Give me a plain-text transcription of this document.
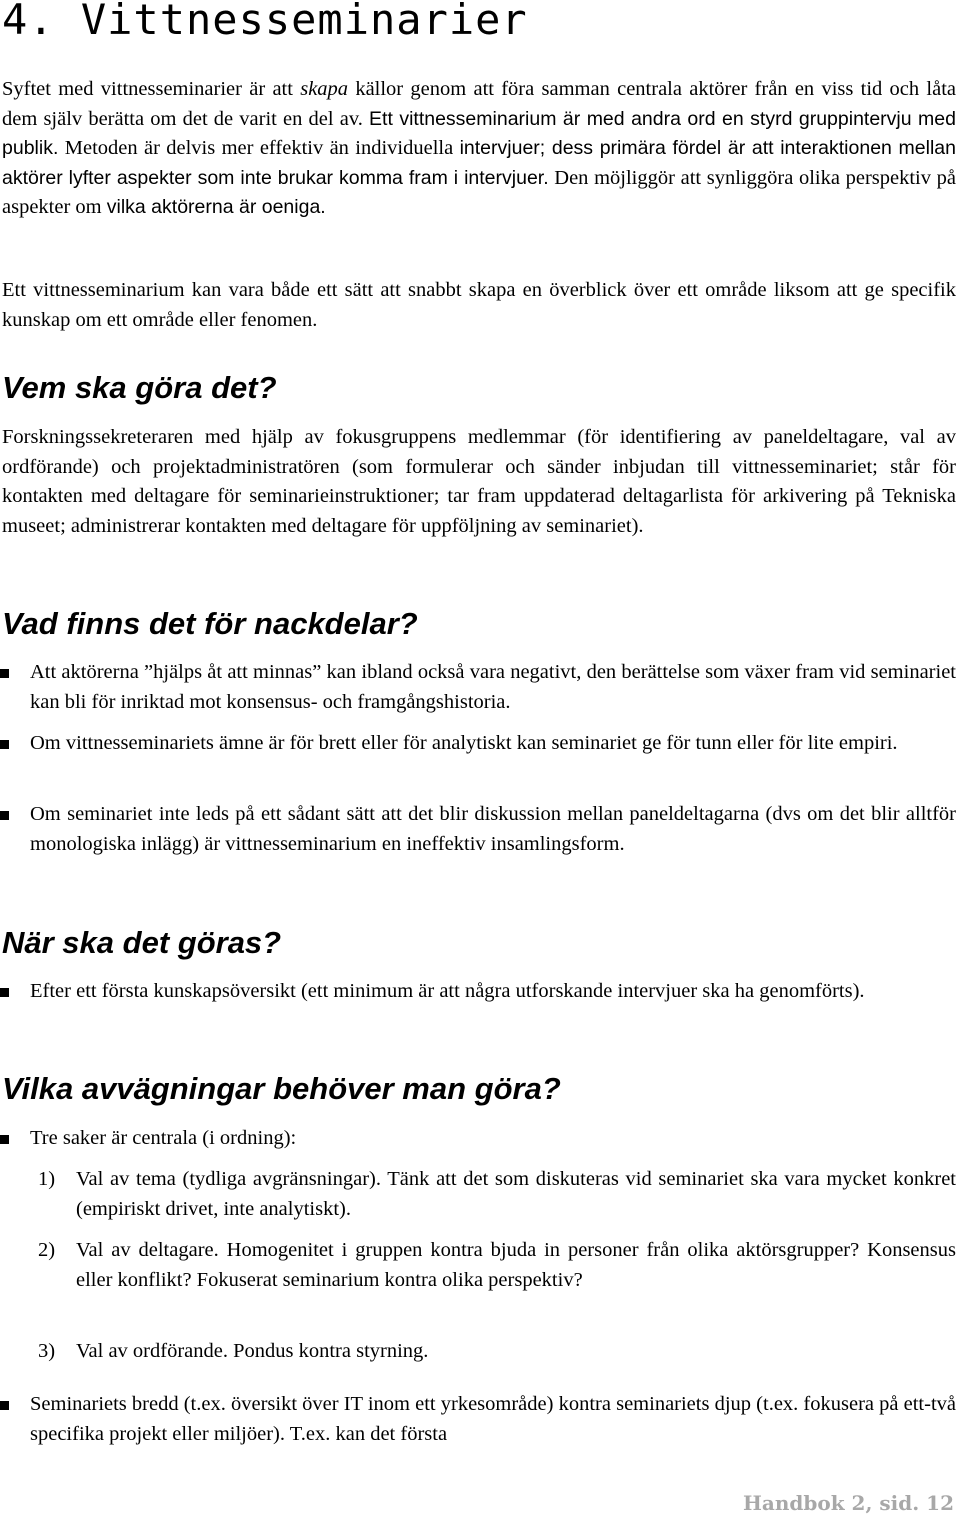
4. Vittnesseminarier

Syftet med vittnesseminarier är att skapa källor genom att föra samman centrala aktörer från en viss tid och låta dem själv berätta om det de varit en del av. Ett vittnesseminarium är med andra ord en styrd gruppintervju med publik. Metoden är delvis mer effektiv än individuella intervjuer; dess primära fördel är att interaktionen mellan aktörer lyfter aspekter som inte brukar komma fram i intervjuer. Den möjliggör att synliggöra olika perspektiv på aspekter om vilka aktörerna är oeniga.

Ett vittnesseminarium kan vara både ett sätt att snabbt skapa en överblick över ett område liksom att ge specifik kunskap om ett område eller fenomen.

Vem ska göra det?

Forskningssekreteraren med hjälp av fokusgruppens medlemmar (för identifiering av paneldeltagare, val av ordförande) och projektadministratören (som formulerar och sänder inbjudan till vittnesseminariet; står för kontakten med deltagare för seminarieinstruktioner; tar fram uppdaterad deltagarlista för arkivering på Tekniska museet; administrerar kontakten med deltagare för uppföljning av seminariet).

Vad finns det för nackdelar?

Att aktörerna ”hjälps åt att minnas” kan ibland också vara negativt, den berättelse som växer fram vid seminariet kan bli för inriktad mot konsensus- och framgångshistoria.

Om vittnesseminariets ämne är för brett eller för analytiskt kan seminariet ge för tunn eller för lite empiri.

Om seminariet inte leds på ett sådant sätt att det blir diskussion mellan paneldeltagarna (dvs om det blir alltför monologiska inlägg) är vittnesseminarium en ineffektiv insamlingsform.

När ska det göras?

Efter ett första kunskapsöversikt (ett minimum är att några utforskande intervjuer ska ha genomförts).

Vilka avvägningar behöver man göra?

Tre saker är centrala (i ordning):

1) Val av tema (tydliga avgränsningar). Tänk att det som diskuteras vid seminariet ska vara mycket konkret (empiriskt drivet, inte analytiskt).

2) Val av deltagare. Homogenitet i gruppen kontra bjuda in personer från olika aktörsgrupper? Konsensus eller konflikt? Fokuserat seminarium kontra olika perspektiv?

3) Val av ordförande. Pondus kontra styrning.

Seminariets bredd (t.ex. översikt över IT inom ett yrkesområde) kontra seminariets djup (t.ex. fokusera på ett-två specifika projekt eller miljöer). T.ex. kan det första

Handbok 2, sid. 12
